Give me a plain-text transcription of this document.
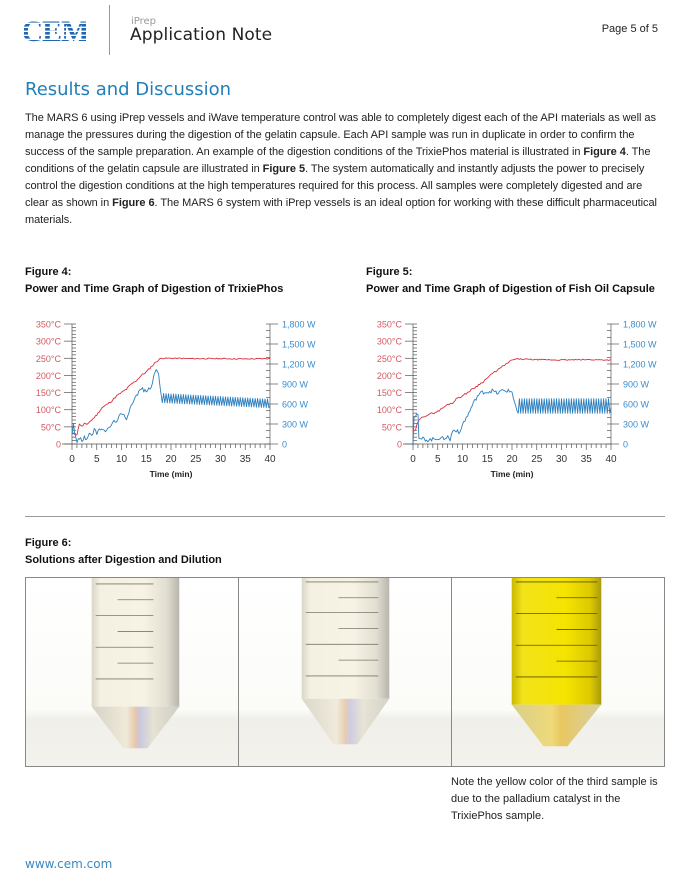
CEM	iPrep
Application Note	Page 5 of 5
Results and Discussion

The MARS 6 using iPrep vessels and iWave temperature control was able to completely digest each of the API materials as well as manage the pressures during the digestion of the gelatin capsule. Each API sample was run in duplicate in order to confirm the success of the sample preparation. An example of the digestion conditions of the TrixiePhos material is illustrated in Figure 4. The conditions of the gelatin capsule are illustrated in Figure 5. The system automatically and instantly adjusts the power to precisely control the digestion conditions at the high temperatures required for this process. All samples were completely digested and are clear as shown in Figure 6. The MARS 6 system with iPrep vessels is an ideal option for working with these difficult pharmaceutical materials.

Figure 4:
Power and Time Graph of Digestion of TrixiePhos
0
50°C
100°C
150°C
200°C
250°C
300°C
350°C
0
300 W
600 W
900 W
1,200 W
1,500 W
1,800 W
0 5 10 15 20 25 30 35 40
Time (min)
Figure 5:
Power and Time Graph of Digestion of Fish Oil Capsule
0
50°C
100°C
150°C
200°C
250°C
300°C
350°C
0
300 W
600 W
900 W
1,200 W
1,500 W
1,800 W
0 5 10 15 20 25 30 35 40
Time (min)
Figure 6:
Solutions after Digestion and Dilution

Note the yellow color of the third sample is due to the palladium catalyst in the TrixiePhos sample.

www.cem.com
